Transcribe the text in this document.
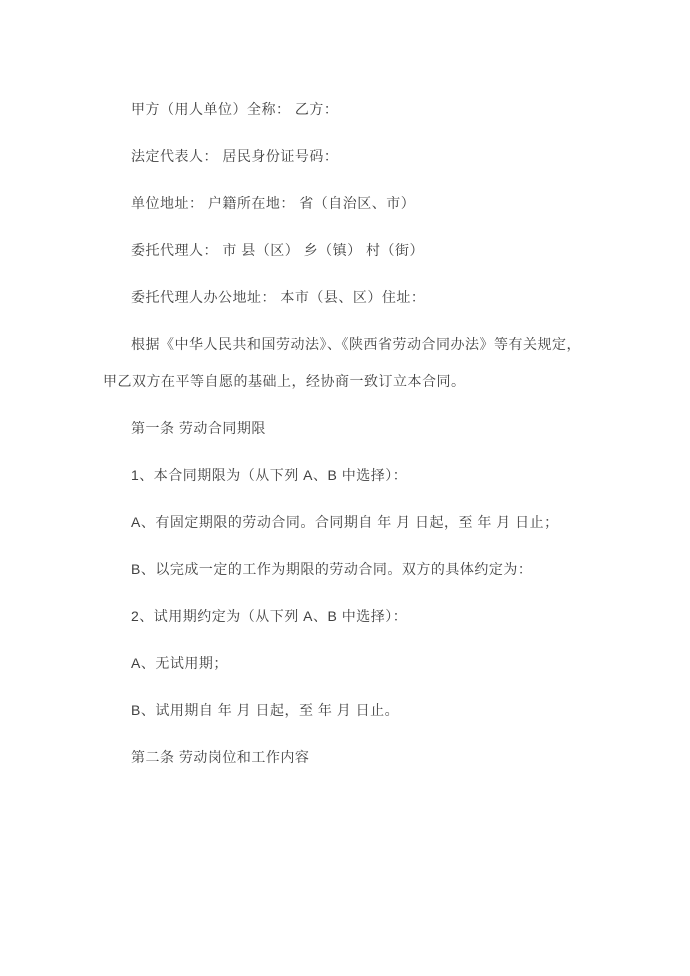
甲方（用人单位）全称： 乙方：

法定代表人： 居民身份证号码：

单位地址： 户籍所在地： 省（自治区、市）

委托代理人： 市 县（区） 乡（镇） 村（街）

委托代理人办公地址： 本市（县、区）住址：

根据《中华人民共和国劳动法》、《陕西省劳动合同办法》等有关规定，甲乙双方在平等自愿的基础上，经协商一致订立本合同。

第一条 劳动合同期限

1、本合同期限为（从下列 A、B 中选择）：

A、有固定期限的劳动合同。合同期自 年 月 日起，至 年 月 日止；

B、以完成一定的工作为期限的劳动合同。双方的具体约定为：

2、试用期约定为（从下列 A、B 中选择）：

A、无试用期；

B、试用期自 年 月 日起，至 年 月 日止。

第二条 劳动岗位和工作内容
